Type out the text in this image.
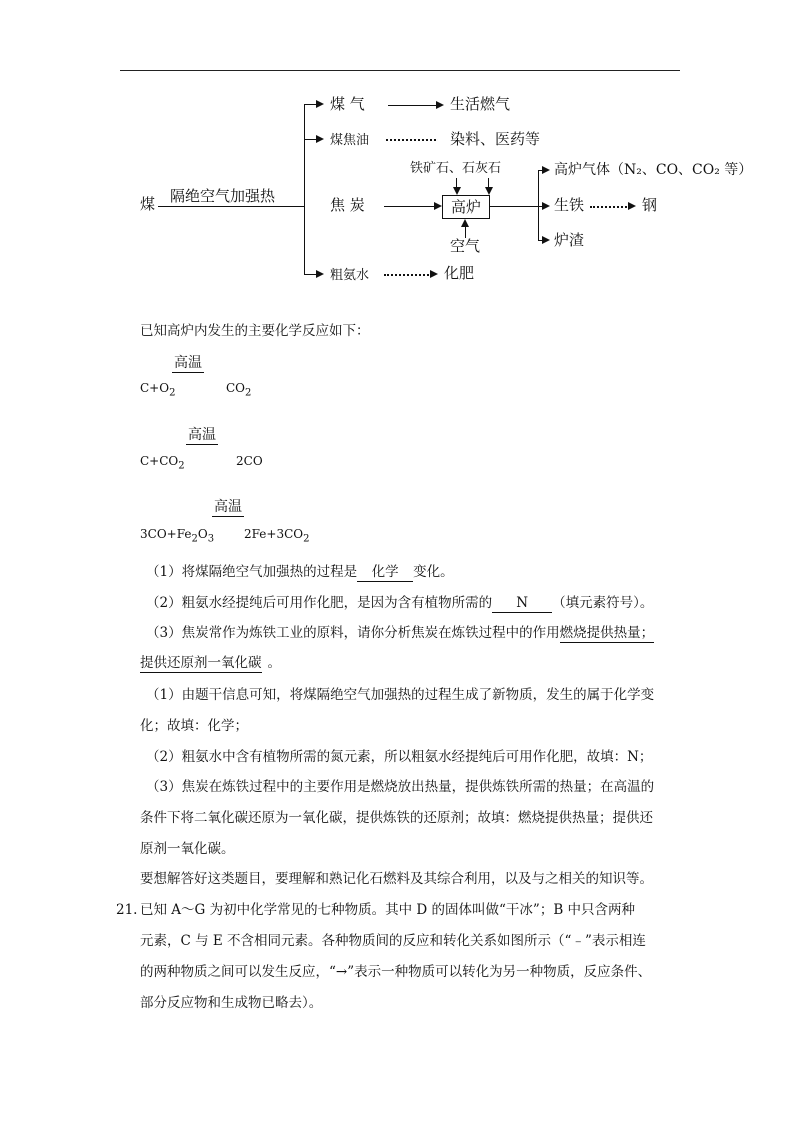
煤 隔绝空气加强热
煤 气	生活燃气
煤焦油	染料、医药等
焦 炭
铁矿石、石灰石
高炉
空气
高炉气体（N₂、CO、CO₂ 等）
生铁	钢
炉渣
粗氨水	化肥
已知高炉内发生的主要化学反应如下：
高温
$C+O_2$	$CO_2$
高温
$C+CO_2$	2CO
高温
$3CO+Fe_2O_3$ $2Fe+3CO_2$
（1）将煤隔绝空气加强热的过程是 化学 变化。
（2）粗氨水经提纯后可用作化肥，是因为含有植物所需的 N （填元素符号）。
（3）焦炭常作为炼铁工业的原料，请你分析焦炭在炼铁过程中的作用燃烧提供热量；
提供还原剂一氧化碳 。
（1）由题干信息可知，将煤隔绝空气加强热的过程生成了新物质，发生的属于化学变
化；故填：化学；
（2）粗氨水中含有植物所需的氮元素，所以粗氨水经提纯后可用作化肥，故填：N；
（3）焦炭在炼铁过程中的主要作用是燃烧放出热量，提供炼铁所需的热量；在高温的
条件下将二氧化碳还原为一氧化碳，提供炼铁的还原剂；故填：燃烧提供热量；提供还
原剂一氧化碳。
要想解答好这类题目，要理解和熟记化石燃料及其综合利用，以及与之相关的知识等。
21. 已知 A～G 为初中化学常见的七种物质。其中 D 的固体叫做“干冰”；B 中只含两种
元素，C 与 E 不含相同元素。各种物质间的反应和转化关系如图所示（“﹣”表示相连
的两种物质之间可以发生反应，“→”表示一种物质可以转化为另一种物质，反应条件、
部分反应物和生成物已略去）。
